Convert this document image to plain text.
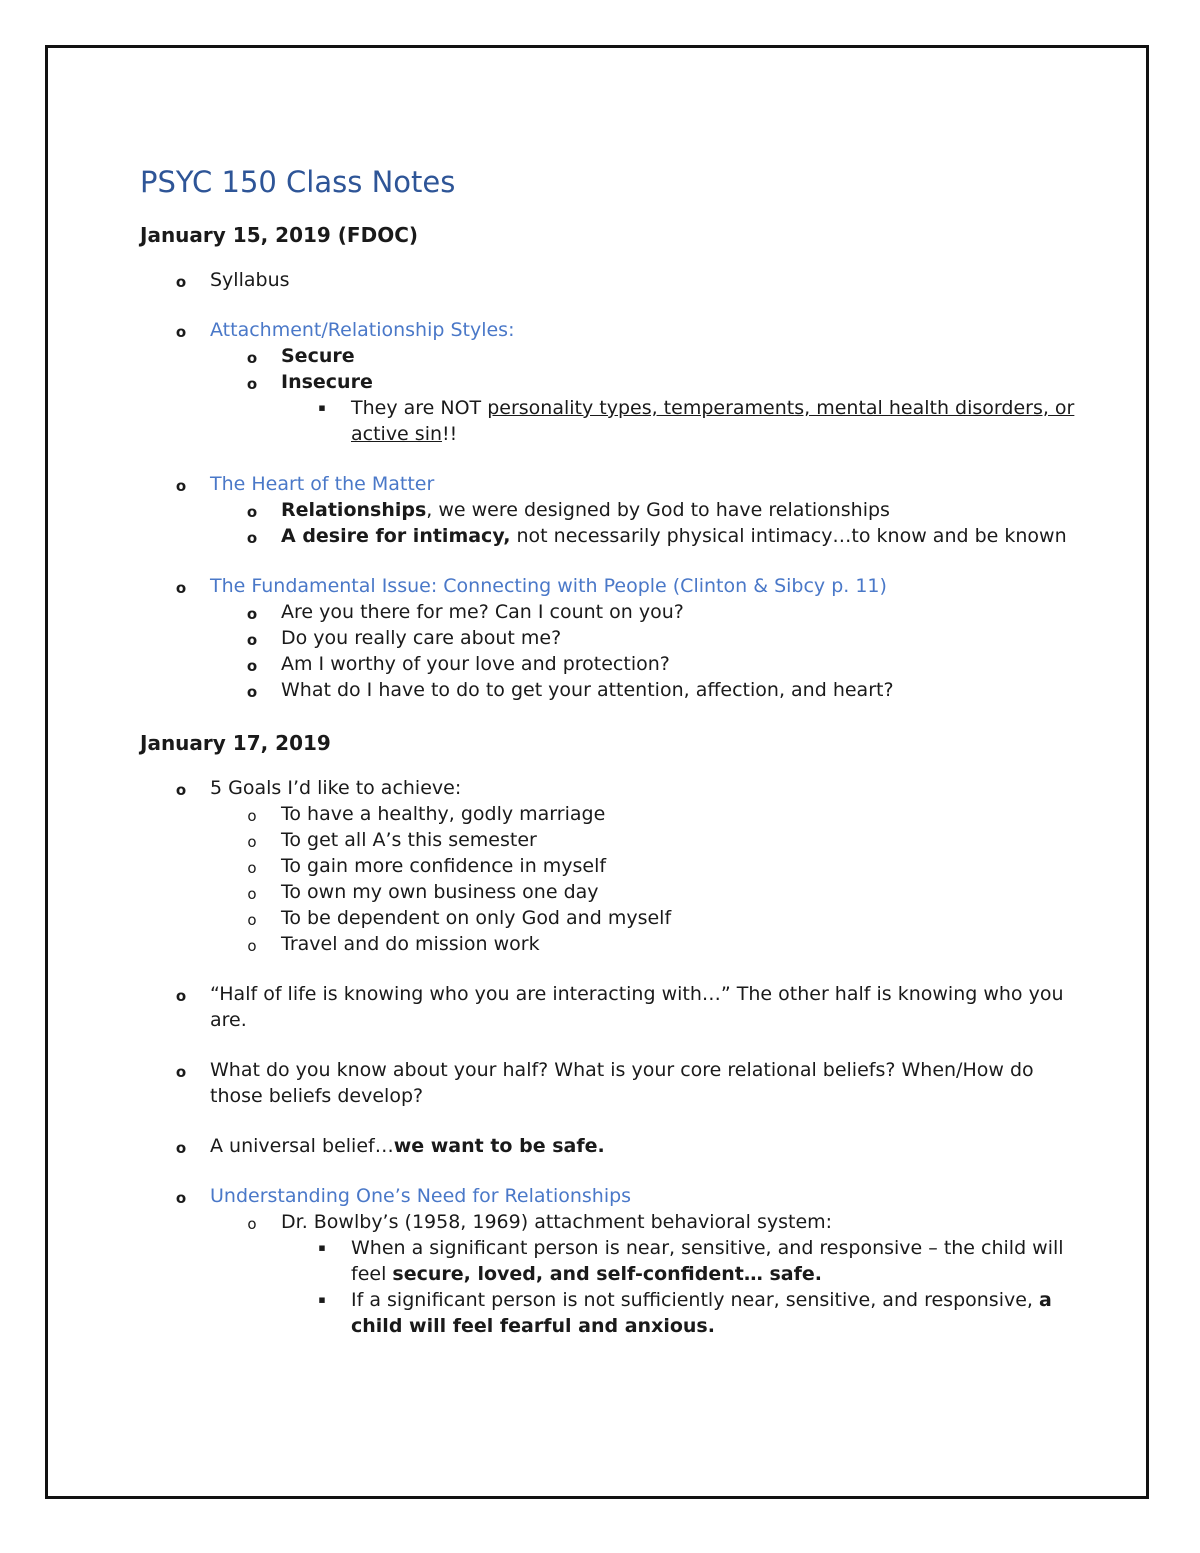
PSYC 150 Class Notes
January 15, 2019 (FDOC)
o Syllabus
o Attachment/Relationship Styles:
o Secure
o Insecure
▪ They are NOT personality types, temperaments, mental health disorders, or active sin!!
o The Heart of the Matter
o Relationships, we were designed by God to have relationships
o A desire for intimacy, not necessarily physical intimacy…to know and be known
o The Fundamental Issue: Connecting with People (Clinton & Sibcy p. 11)
o Are you there for me? Can I count on you?
o Do you really care about me?
o Am I worthy of your love and protection?
o What do I have to do to get your attention, affection, and heart?
January 17, 2019
o 5 Goals I’d like to achieve:
o To have a healthy, godly marriage
o To get all A’s this semester
o To gain more confidence in myself
o To own my own business one day
o To be dependent on only God and myself
o Travel and do mission work
o “Half of life is knowing who you are interacting with…” The other half is knowing who you are.
o What do you know about your half? What is your core relational beliefs? When/How do those beliefs develop?
o A universal belief…we want to be safe.
o Understanding One’s Need for Relationships
o Dr. Bowlby’s (1958, 1969) attachment behavioral system:
▪ When a significant person is near, sensitive, and responsive – the child will feel secure, loved, and self-confident… safe.
▪ If a significant person is not sufficiently near, sensitive, and responsive, a child will feel fearful and anxious.
